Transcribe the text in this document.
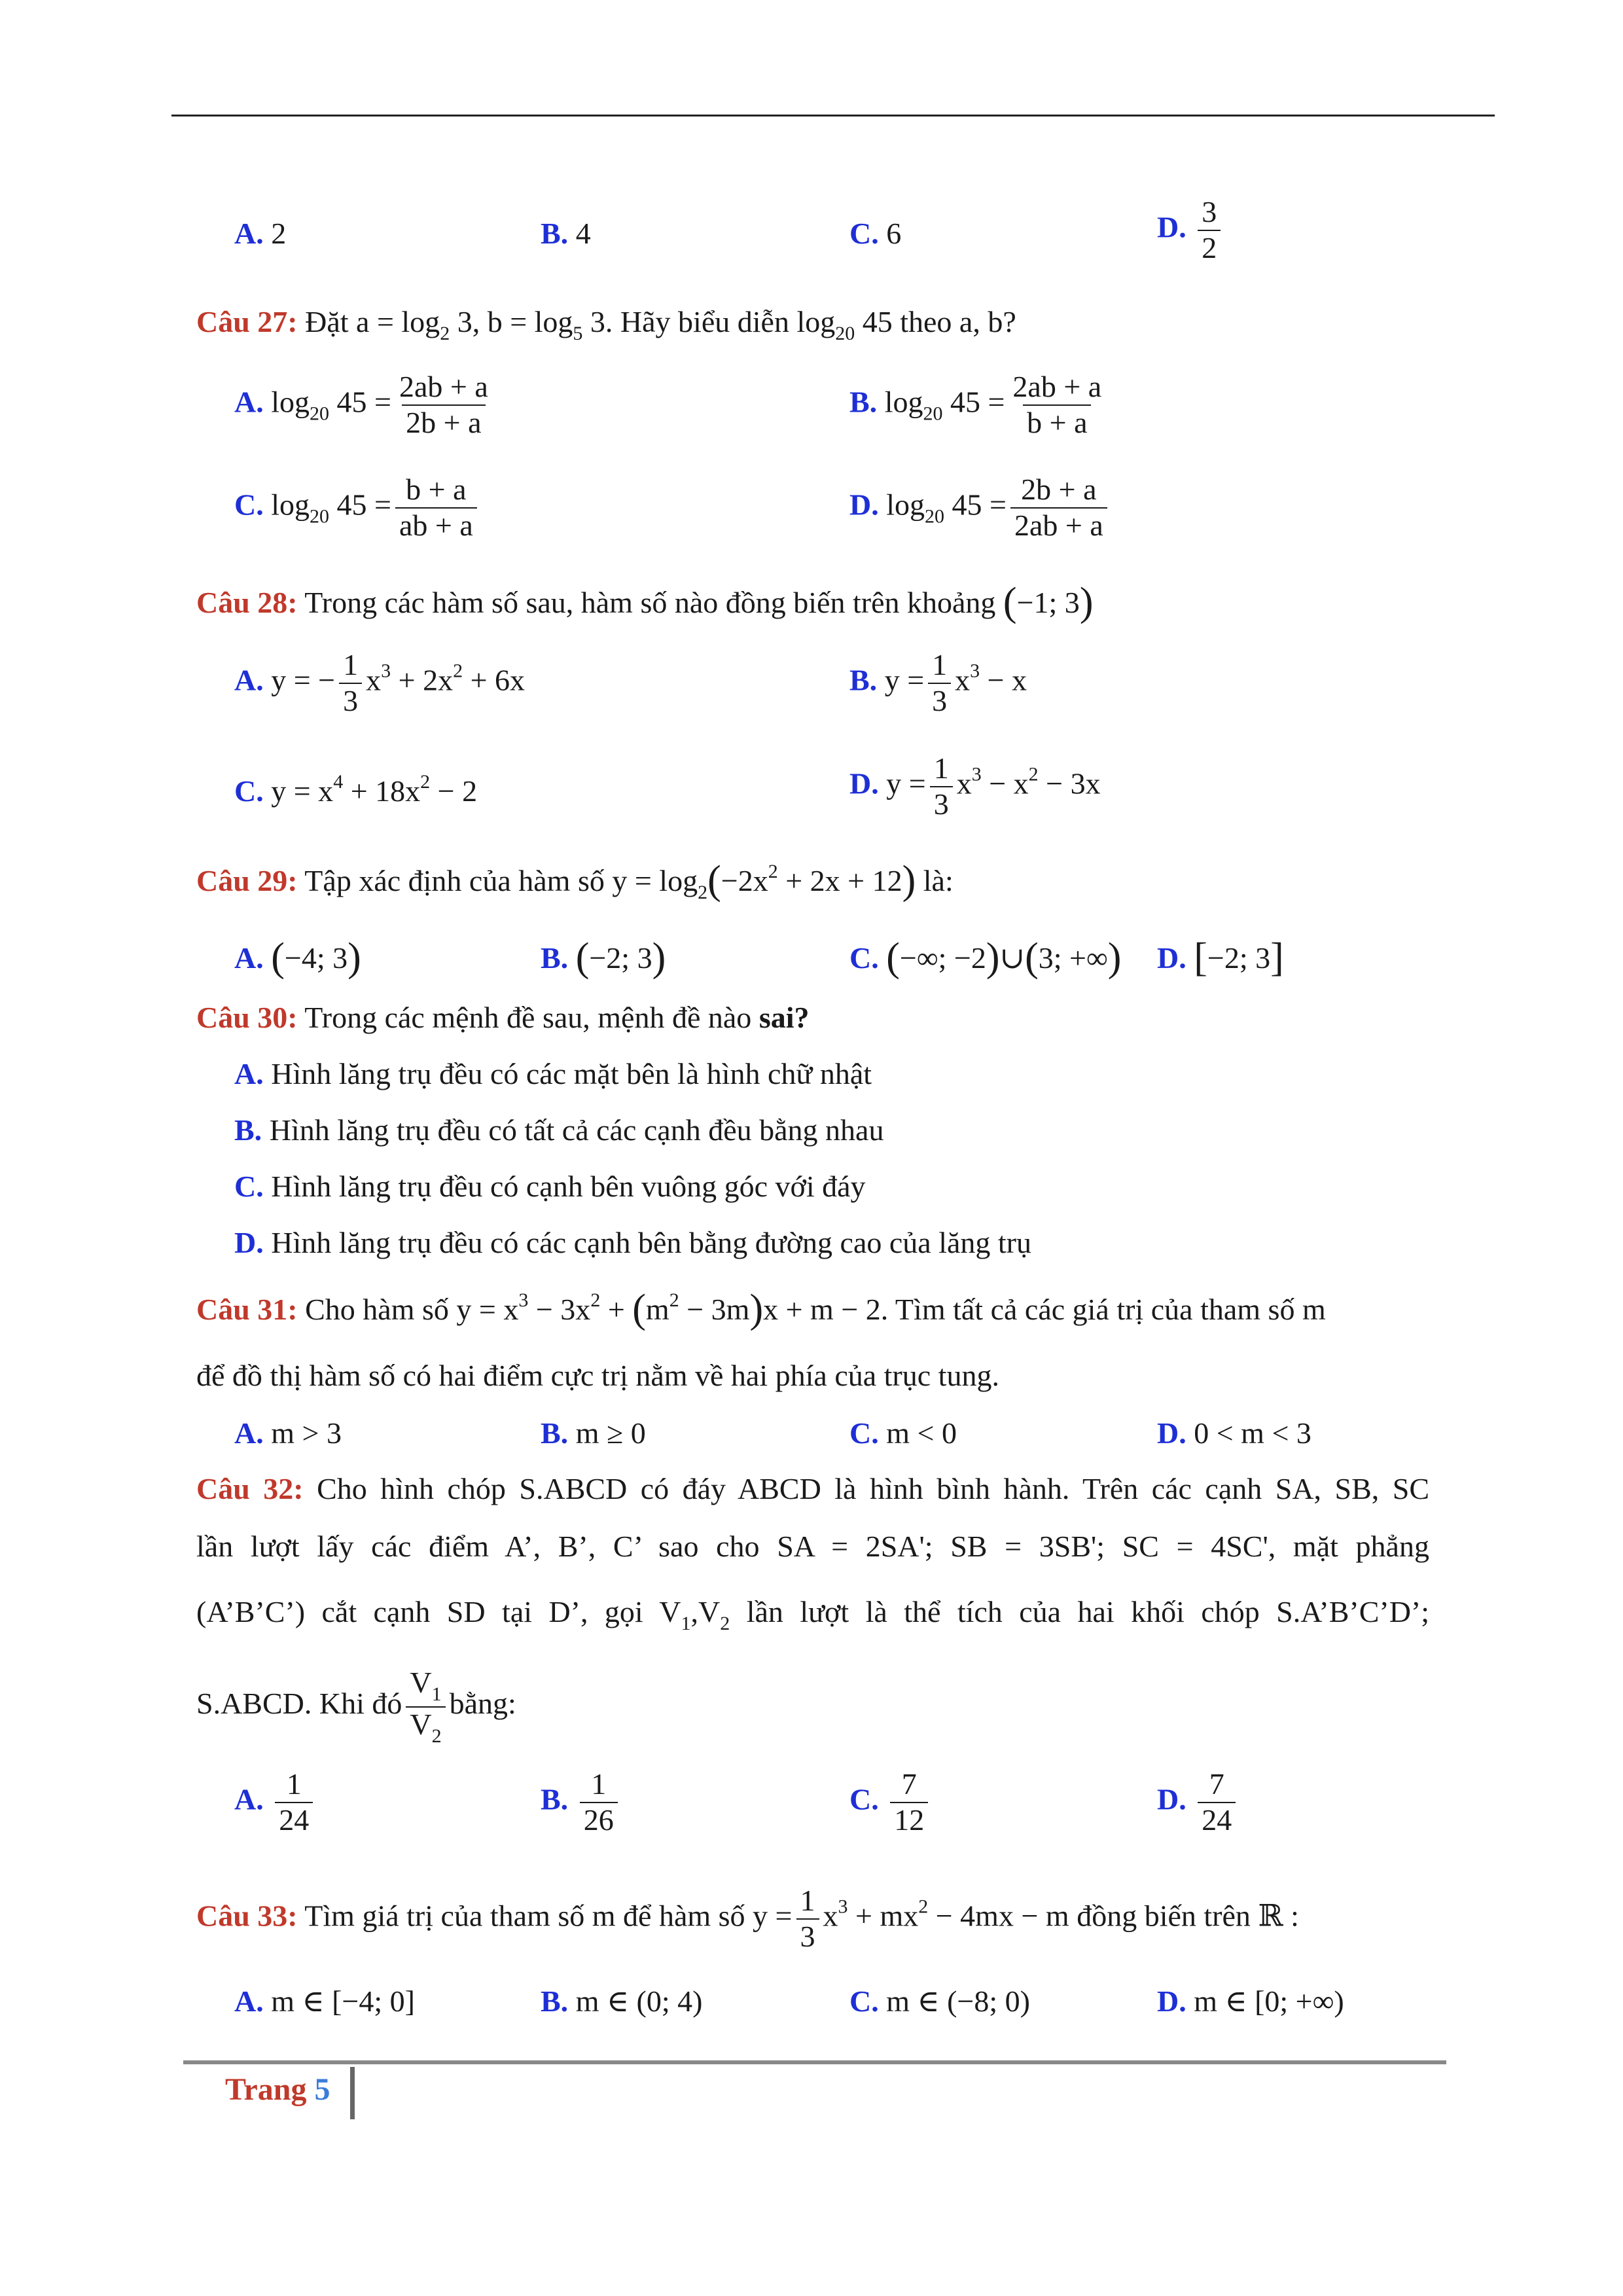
A. 2	B. 4	C. 6	D. $\frac{3}{2}$
Câu 27: Đặt $a = \log_2 3$, $b = \log_5 3$. Hãy biểu diễn $\log_{20} 45$ theo a, b?
A. $\log_{20} 45 = \frac{2ab + a}{2b + a}$	B. $\log_{20} 45 = \frac{2ab + a}{b + a}$
C. $\log_{20} 45 = \frac{b + a}{ab + a}$	D. $\log_{20} 45 = \frac{2b + a}{2ab + a}$
Câu 28: Trong các hàm số sau, hàm số nào đồng biến trên khoảng (−1; 3)
A. y = − $\frac{1}{3} x^3 + 2x^2 + 6x$	B. $y = \frac{1}{3} x^3 - x$
C. $y = x^4 + 18x^2 - 2$	D. $y = \frac{1}{3} x^3 - x^2 - 3x$
Câu 29: Tập xác định của hàm số $y = \log_2(-2x^2 + 2x + 12)$ là:
A. (−4; 3)	B. (−2; 3)	C. (−∞; −2)∪(3; +∞) D. [−2; 3]
Câu 30: Trong các mệnh đề sau, mệnh đề nào sai?
A. Hình lăng trụ đều có các mặt bên là hình chữ nhật
B. Hình lăng trụ đều có tất cả các cạnh đều bằng nhau
C. Hình lăng trụ đều có cạnh bên vuông góc với đáy
D. Hình lăng trụ đều có các cạnh bên bằng đường cao của lăng trụ
Câu 31: Cho hàm số $y = x^3 - 3x^2 + (m^2 - 3m)x + m - 2$. Tìm tất cả các giá trị của tham số m
để đồ thị hàm số có hai điểm cực trị nằm về hai phía của trục tung.
A. m > 3	B. m ≥ 0	C. m < 0	D. 0 < m < 3
Câu 32: Cho hình chóp S.ABCD có đáy ABCD là hình bình hành. Trên các cạnh SA, SB, SC
lần lượt lấy các điểm A’, B’, C’ sao cho SA = 2SA'; SB = 3SB'; SC = 4SC', mặt phẳng
(A’B’C’) cắt cạnh SD tại D’, gọi $V_1,V_2$ lần lượt là thể tích của hai khối chóp S.A’B’C’D’;
S.ABCD. Khi đó $\frac{V_1}{V_2}$ bằng:
A. $\frac{1}{24}$	B. $\frac{1}{26}$	C. $\frac{7}{12}$	D. $\frac{7}{24}$
Câu 33: Tìm giá trị của tham số m để hàm số $y = \frac{1}{3} x^3 + mx^2 - 4mx - m$ đồng biến trên ℝ :
A. m ∈ [−4; 0]	B. m ∈ (0; 4)	C. m ∈ (−8; 0)	D. m ∈ [0; +∞)
Trang 5
